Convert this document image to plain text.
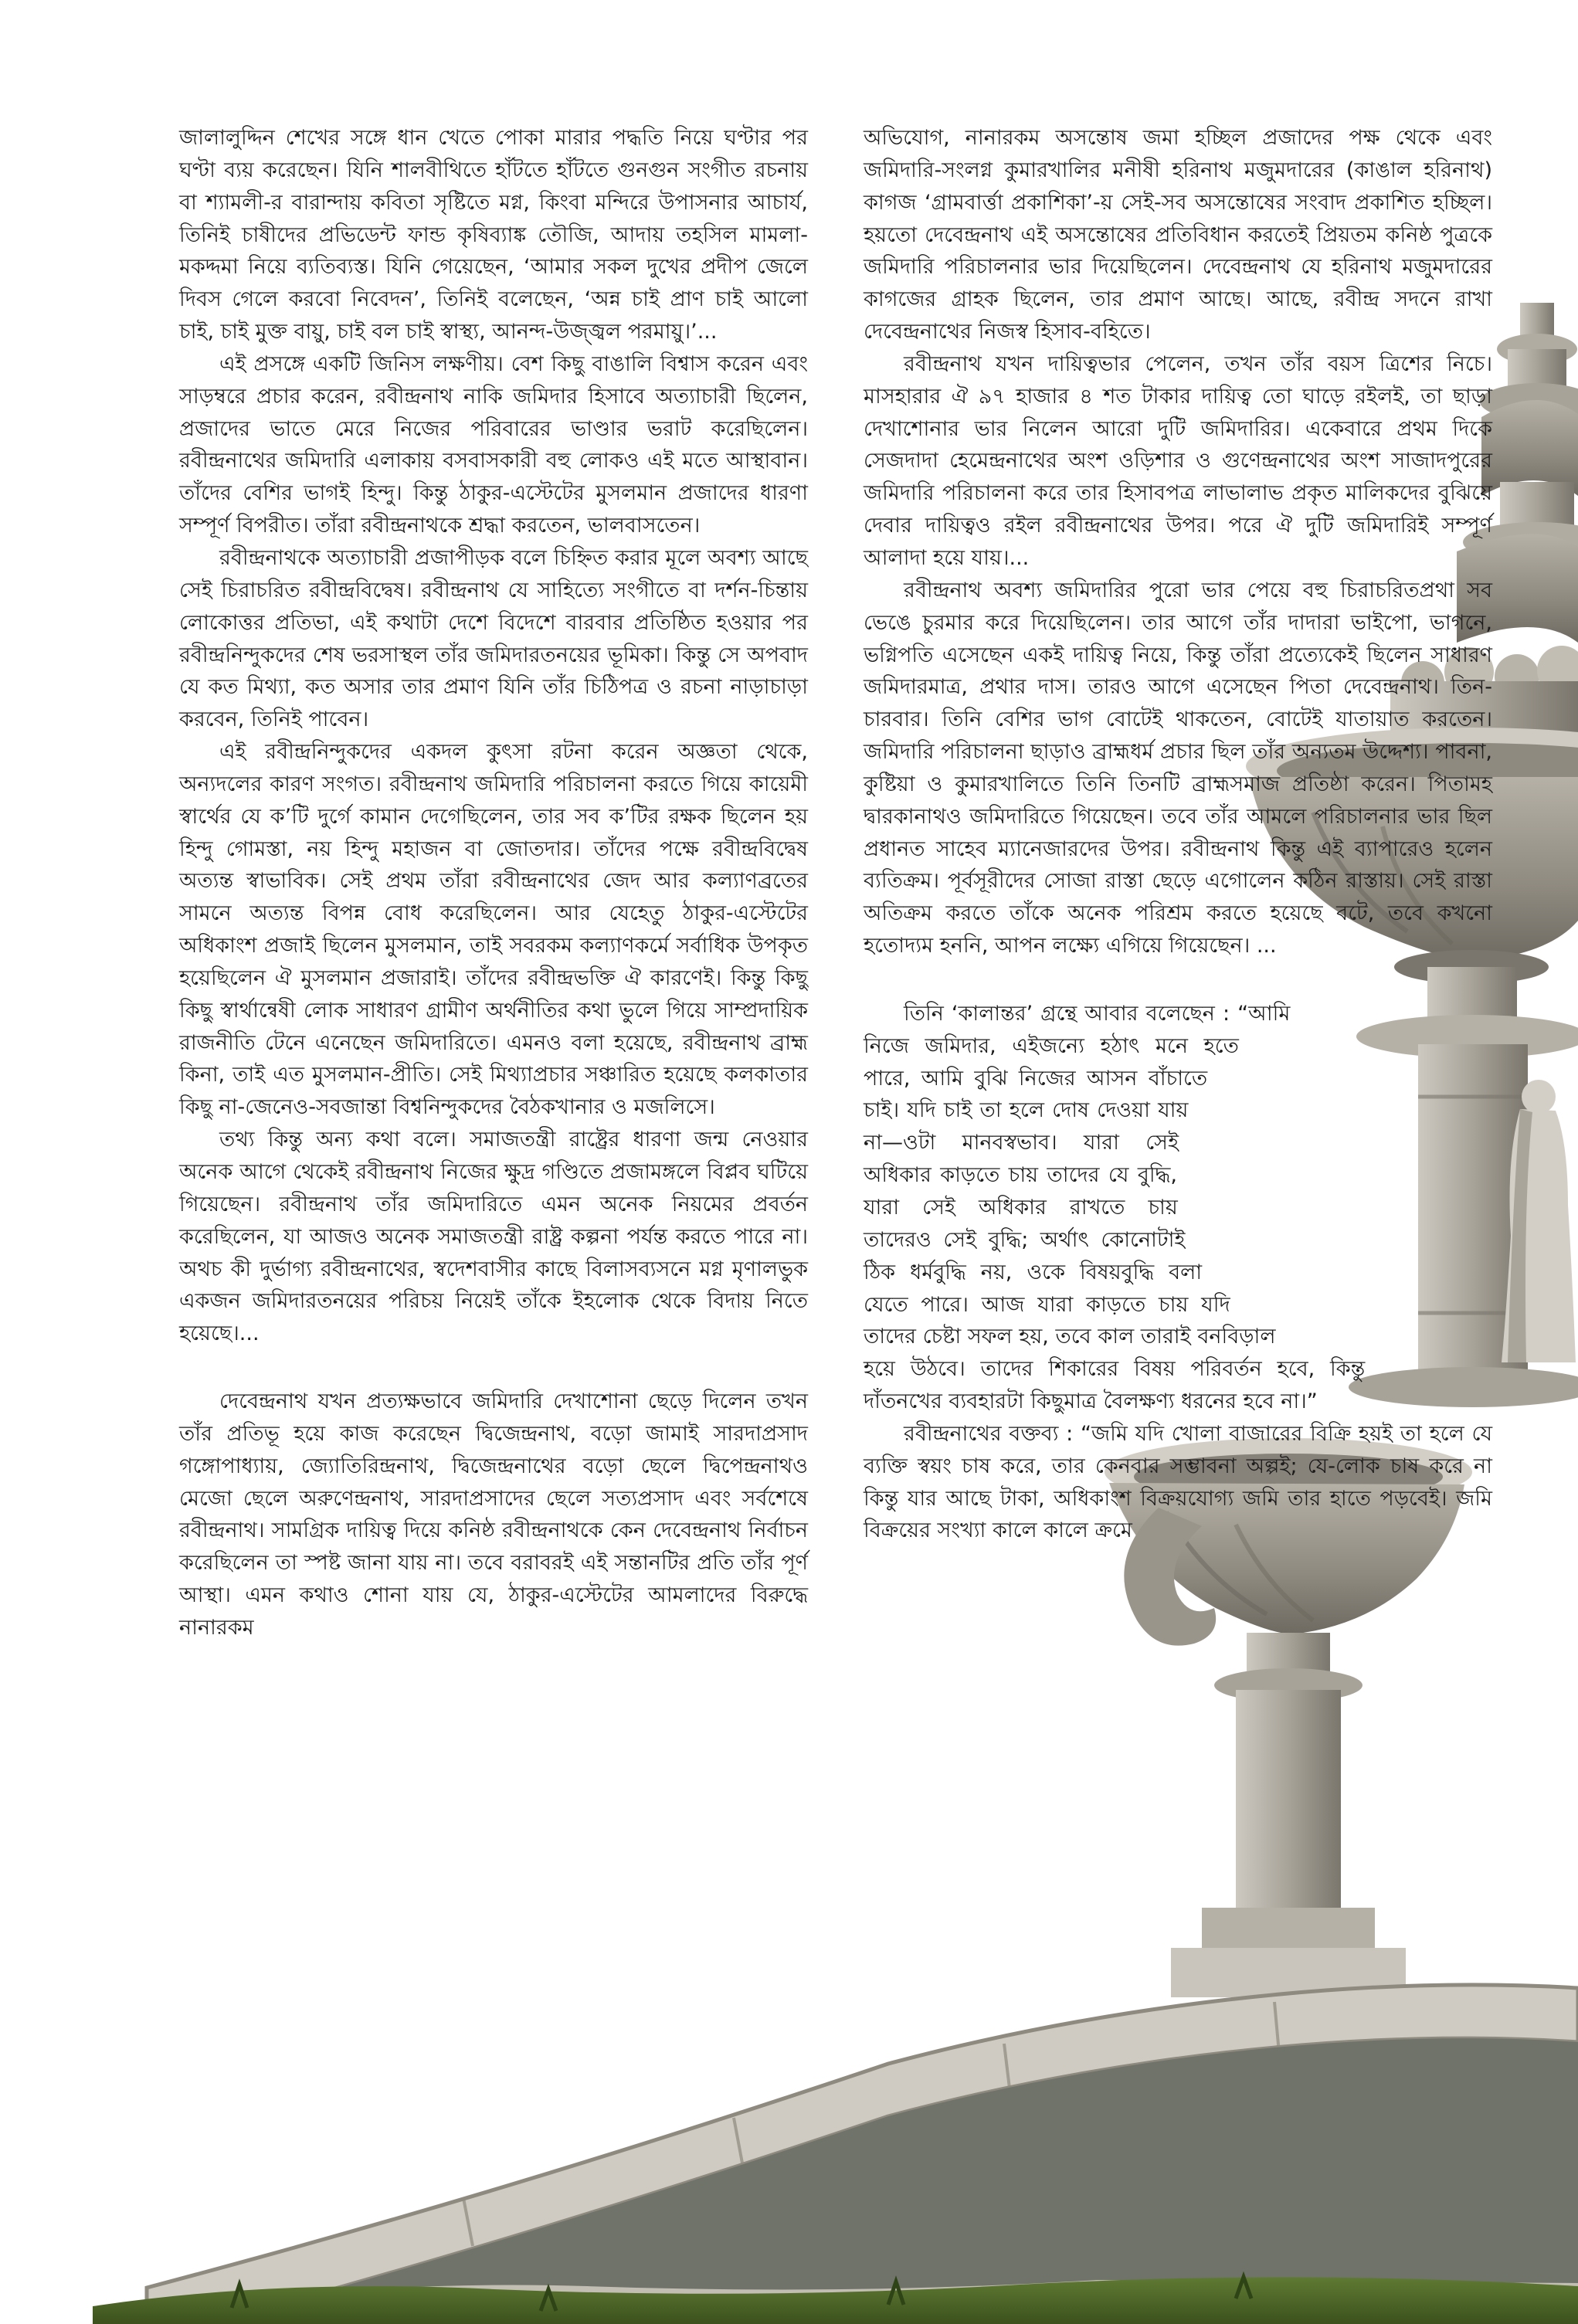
জালালুদ্দিন শেখের সঙ্গে ধান খেতে পোকা মারার পদ্ধতি নিয়ে ঘণ্টার পর ঘণ্টা ব্যয় করেছেন। যিনি শালবীথিতে হাঁটতে হাঁটতে গুনগুন সংগীত রচনায় বা শ্যামলী-র বারান্দায় কবিতা সৃষ্টিতে মগ্ন, কিংবা মন্দিরে উপাসনার আচার্য, তিনিই চাষীদের প্রভিডেন্ট ফান্ড কৃষিব্যাঙ্ক তৌজি, আদায় তহসিল মামলা-মকদ্দমা নিয়ে ব্যতিব্যস্ত। যিনি গেয়েছেন, ‘আমার সকল দুখের প্রদীপ জেলে দিবস গেলে করবো নিবেদন’, তিনিই বলেছেন, ‘অন্ন চাই প্রাণ চাই আলো চাই, চাই মুক্ত বায়ু, চাই বল চাই স্বাস্থ্য, আনন্দ-উজ্জ্বল পরমায়ু।’...

এই প্রসঙ্গে একটি জিনিস লক্ষণীয়। বেশ কিছু বাঙালি বিশ্বাস করেন এবং সাড়ম্বরে প্রচার করেন, রবীন্দ্রনাথ নাকি জমিদার হিসাবে অত্যাচারী ছিলেন, প্রজাদের ভাতে মেরে নিজের পরিবারের ভাণ্ডার ভরাট করেছিলেন। রবীন্দ্রনাথের জমিদারি এলাকায় বসবাসকারী বহু লোকও এই মতে আস্থাবান। তাঁদের বেশির ভাগই হিন্দু। কিন্তু ঠাকুর-এস্টেটের মুসলমান প্রজাদের ধারণা সম্পূর্ণ বিপরীত। তাঁরা রবীন্দ্রনাথকে শ্রদ্ধা করতেন, ভালবাসতেন।

রবীন্দ্রনাথকে অত্যাচারী প্রজাপীড়ক বলে চিহ্নিত করার মূলে অবশ্য আছে সেই চিরাচরিত রবীন্দ্রবিদ্বেষ। রবীন্দ্রনাথ যে সাহিত্যে সংগীতে বা দর্শন-চিন্তায় লোকোত্তর প্রতিভা, এই কথাটা দেশে বিদেশে বারবার প্রতিষ্ঠিত হওয়ার পর রবীন্দ্রনিন্দুকদের শেষ ভরসাস্থল তাঁর জমিদারতনয়ের ভূমিকা। কিন্তু সে অপবাদ যে কত মিথ্যা, কত অসার তার প্রমাণ যিনি তাঁর চিঠিপত্র ও রচনা নাড়াচাড়া করবেন, তিনিই পাবেন।

এই রবীন্দ্রনিন্দুকদের একদল কুৎসা রটনা করেন অজ্ঞতা থেকে, অন্যদলের কারণ সংগত। রবীন্দ্রনাথ জমিদারি পরিচালনা করতে গিয়ে কায়েমী স্বার্থের যে ক’টি দুর্গে কামান দেগেছিলেন, তার সব ক’টির রক্ষক ছিলেন হয় হিন্দু গোমস্তা, নয় হিন্দু মহাজন বা জোতদার। তাঁদের পক্ষে রবীন্দ্রবিদ্বেষ অত্যন্ত স্বাভাবিক। সেই প্রথম তাঁরা রবীন্দ্রনাথের জেদ আর কল্যাণব্রতের সামনে অত্যন্ত বিপন্ন বোধ করেছিলেন। আর যেহেতু ঠাকুর-এস্টেটের অধিকাংশ প্রজাই ছিলেন মুসলমান, তাই সবরকম কল্যাণকর্মে সর্বাধিক উপকৃত হয়েছিলেন ঐ মুসলমান প্রজারাই। তাঁদের রবীন্দ্রভক্তি ঐ কারণেই। কিন্তু কিছু কিছু স্বার্থান্বেষী লোক সাধারণ গ্রামীণ অর্থনীতির কথা ভুলে গিয়ে সাম্প্রদায়িক রাজনীতি টেনে এনেছেন জমিদারিতে। এমনও বলা হয়েছে, রবীন্দ্রনাথ ব্রাহ্ম কিনা, তাই এত মুসলমান-প্রীতি। সেই মিথ্যাপ্রচার সঞ্চারিত হয়েছে কলকাতার কিছু না-জেনেও-সবজান্তা বিশ্বনিন্দুকদের বৈঠকখানার ও মজলিসে।

তথ্য কিন্তু অন্য কথা বলে। সমাজতন্ত্রী রাষ্ট্রের ধারণা জন্ম নেওয়ার অনেক আগে থেকেই রবীন্দ্রনাথ নিজের ক্ষুদ্র গণ্ডিতে প্রজামঙ্গলে বিপ্লব ঘটিয়ে গিয়েছেন। রবীন্দ্রনাথ তাঁর জমিদারিতে এমন অনেক নিয়মের প্রবর্তন করেছিলেন, যা আজও অনেক সমাজতন্ত্রী রাষ্ট্র কল্পনা পর্যন্ত করতে পারে না। অথচ কী দুর্ভাগ্য রবীন্দ্রনাথের, স্বদেশবাসীর কাছে বিলাসব্যসনে মগ্ন মৃণালভুক একজন জমিদারতনয়ের পরিচয় নিয়েই তাঁকে ইহলোক থেকে বিদায় নিতে হয়েছে।...

দেবেন্দ্রনাথ যখন প্রত্যক্ষভাবে জমিদারি দেখাশোনা ছেড়ে দিলেন তখন তাঁর প্রতিভূ হয়ে কাজ করেছেন দ্বিজেন্দ্রনাথ, বড়ো জামাই সারদাপ্রসাদ গঙ্গোপাধ্যায়, জ্যোতিরিন্দ্রনাথ, দ্বিজেন্দ্রনাথের বড়ো ছেলে দ্বিপেন্দ্রনাথও মেজো ছেলে অরুণেন্দ্রনাথ, সারদাপ্রসাদের ছেলে সত্যপ্রসাদ এবং সর্বশেষে রবীন্দ্রনাথ। সামগ্রিক দায়িত্ব দিয়ে কনিষ্ঠ রবীন্দ্রনাথকে কেন দেবেন্দ্রনাথ নির্বাচন করেছিলেন তা স্পষ্ট জানা যায় না। তবে বরাবরই এই সন্তানটির প্রতি তাঁর পূর্ণ আস্থা। এমন কথাও শোনা যায় যে, ঠাকুর-এস্টেটের আমলাদের বিরুদ্ধে নানারকম

অভিযোগ, নানারকম অসন্তোষ জমা হচ্ছিল প্রজাদের পক্ষ থেকে এবং জমিদারি-সংলগ্ন কুমারখালির মনীষী হরিনাথ মজুমদারের (কাঙাল হরিনাথ) কাগজ ‘গ্রামবার্ত্তা প্রকাশিকা’-য় সেই-সব অসন্তোষের সংবাদ প্রকাশিত হচ্ছিল। হয়তো দেবেন্দ্রনাথ এই অসন্তোষের প্রতিবিধান করতেই প্রিয়তম কনিষ্ঠ পুত্রকে জমিদারি পরিচালনার ভার দিয়েছিলেন। দেবেন্দ্রনাথ যে হরিনাথ মজুমদারের কাগজের গ্রাহক ছিলেন, তার প্রমাণ আছে। আছে, রবীন্দ্র সদনে রাখা দেবেন্দ্রনাথের নিজস্ব হিসাব-বহিতে।

রবীন্দ্রনাথ যখন দায়িত্বভার পেলেন, তখন তাঁর বয়স ত্রিশের নিচে। মাসহারার ঐ ৯৭ হাজার ৪ শত টাকার দায়িত্ব তো ঘাড়ে রইলই, তা ছাড়া দেখাশোনার ভার নিলেন আরো দুটি জমিদারির। একেবারে প্রথম দিকে সেজদাদা হেমেন্দ্রনাথের অংশ ওড়িশার ও গুণেন্দ্রনাথের অংশ সাজাদপুরের জমিদারি পরিচালনা করে তার হিসাবপত্র লাভালাভ প্রকৃত মালিকদের বুঝিয়ে দেবার দায়িত্বও রইল রবীন্দ্রনাথের উপর। পরে ঐ দুটি জমিদারিই সম্পূর্ণ আলাদা হয়ে যায়।...

রবীন্দ্রনাথ অবশ্য জমিদারির পুরো ভার পেয়ে বহু চিরাচরিতপ্রথা সব ভেঙে চুরমার করে দিয়েছিলেন। তার আগে তাঁর দাদারা ভাইপো, ভাগনে, ভগ্নিপতি এসেছেন একই দায়িত্ব নিয়ে, কিন্তু তাঁরা প্রত্যেকেই ছিলেন সাধারণ জমিদারমাত্র, প্রথার দাস। তারও আগে এসেছেন পিতা দেবেন্দ্রনাথ। তিন-চারবার। তিনি বেশির ভাগ বোটেই থাকতেন, বোটেই যাতায়াত করতেন। জমিদারি পরিচালনা ছাড়াও ব্রাহ্মধর্ম প্রচার ছিল তাঁর অন্যতম উদ্দেশ্য। পাবনা, কুষ্টিয়া ও কুমারখালিতে তিনি তিনটি ব্রাহ্মসমাজ প্রতিষ্ঠা করেন। পিতামহ দ্বারকানাথও জমিদারিতে গিয়েছেন। তবে তাঁর আমলে পরিচালনার ভার ছিল প্রধানত সাহেব ম্যানেজারদের উপর। রবীন্দ্রনাথ কিন্তু এই ব্যাপারেও হলেন ব্যতিক্রম। পূর্বসূরীদের সোজা রাস্তা ছেড়ে এগোলেন কঠিন রাস্তায়। সেই রাস্তা অতিক্রম করতে তাঁকে অনেক পরিশ্রম করতে হয়েছে বটে, তবে কখনো হতোদ্যম হননি, আপন লক্ষ্যে এগিয়ে গিয়েছেন। ...

তিনি ‘কালান্তর’ গ্রন্থে আবার বলেছেন : “আমি নিজে জমিদার, এইজন্যে হঠাৎ মনে হতে পারে, আমি বুঝি নিজের আসন বাঁচাতে চাই। যদি চাই তা হলে দোষ দেওয়া যায় না—ওটা মানবস্বভাব। যারা সেই অধিকার কাড়তে চায় তাদের যে বুদ্ধি, যারা সেই অধিকার রাখতে চায় তাদেরও সেই বুদ্ধি; অর্থাৎ কোনোটাই ঠিক ধর্মবুদ্ধি নয়, ওকে বিষয়বুদ্ধি বলা যেতে পারে। আজ যারা কাড়তে চায় যদি তাদের চেষ্টা সফল হয়, তবে কাল তারাই বনবিড়াল হয়ে উঠবে। তাদের শিকারের বিষয় পরিবর্তন হবে, কিন্তু দাঁতনখের ব্যবহারটা কিছুমাত্র বৈলক্ষণ্য ধরনের হবে না।”

রবীন্দ্রনাথের বক্তব্য : “জমি যদি খোলা বাজারের বিক্রি হয়ই তা হলে যে ব্যক্তি স্বয়ং চাষ করে, তার কেনবার সম্ভাবনা অল্পই; যে-লোক চাষ করে না কিন্তু যার আছে টাকা, অধিকাংশ বিক্রয়যোগ্য জমি তার হাতে পড়বেই। জমি বিক্রয়ের সংখ্যা কালে কালে ক্রমে
